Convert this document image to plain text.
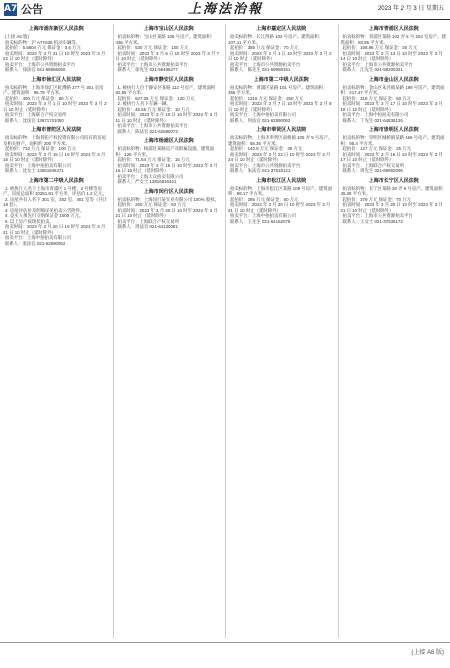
A7 公告	上海法治報	2023 年 2 月 3 日 星期五
上海市浦东新区人民法院

(上接 A6 版)

拍卖标的物：沪 A7Y626 机动车辆等。

起拍价：5.5804 万元 保证金：0.6 万元

拍卖时间：2023 年 3 月 21 日 10 时至 2023 年 3 月 22 日 10 时止（延时除外）

拍卖平台：上海市公共资源拍卖平台

联系人：徐法官 021-68866050

上海市徐汇区人民法院

拍卖标的物：上海市徐汇区虹漕路 277 号 301 室房产。建筑面积：95.78 平方米。

起拍价：400 万元 保证金：80 万元

拍卖时间：2023 年 3 月 1 日 10 时至 2023 年 3 月 2 日 10 时止（延时除外）

拍卖平台：上海联合产权交易所

联系人：沈法官 13671701050

上海市普陀区人民法院

拍卖标的物：上海普陀产权投资有限公司持有的房屋及相关财产，面积约 200 平方米。

起拍价：710 万元 保证金：100 万元

拍卖时间：2023 年 3 月 15 日 10 时至 2023 年 3 月 16 日 10 时止（延时除外）

拍卖平台：上海中拍拍卖有限公司

联系人：沈女士 13651946471

上海市第二中级人民法院

1. 被执行人名下上海市青浦区 1 号楼、2 号楼等房产。房屋总面积 10251.81 平方米，评估价 1.2 亿元。

2. 房屋共有人名下 301 室、302 室、401 室等（共计 18 套）。

3. 房屋评估价及明细详见拍卖公告附件。

4. 竞买人须先行交纳保证金 1000 万元。

5. 以上房产按现状拍卖。

拍卖时间：2023 年 3 月 20 日 10 时至 2023 年 3 月 21 日 10 时止（延时除外）

拍卖平台：上海中拍拍卖有限公司

联系人：张法官 021-62890052

上海市宝山区人民法院

拍卖标的物：宝山区某路 105 号房产。建筑面积：436 平方米。

起拍价：530 万元 保证金：100 万元

拍卖时间：2023 年 3 月 6 日 10 时至 2023 年 3 月 7 日 10 时止（延时除外）

拍卖平台：上海市公共资源拍卖平台

联系人：徐先生 021-56486277

上海市静安区人民法院

1. 被执行人位于静安区某路 112 号房产，建筑面积 82.55 平方米。

起拍价：627.29 万元 保证金：120 万元

2. 被执行人名下车辆一辆。

起拍价：46.55 万元 保证金：10 万元

拍卖时间：2023 年 3 月 10 日 10 时至 2023 年 3 月 11 日 10 时止（延时除外）

拍卖平台：上海市公共资源拍卖平台

联系人：陈法官 021-62580072

上海市杨浦区人民法院

拍卖标的物：杨浦区某路房产及附属设施。建筑面积：126 平方米。

起拍价：71.54 万元 保证金：15 万元

拍卖时间：2023 年 3 月 15 日 10 时至 2023 年 3 月 16 日 10 时止（延时除外）

拍卖平台：上海大众拍卖有限公司

联系人：严女士 13816816421

上海市闵行区人民法院

拍卖标的物：上海闵行某实业有限公司 100% 股权。

起拍价：250 万元 保证金：50 万元

拍卖时间：2023 年 3 月 20 日 10 时至 2023 年 3 月 21 日 10 时止（延时除外）

拍卖平台：上海联合产权交易所

联系人：周法官 021-64130081

上海市嘉定区人民法院

拍卖标的物：长江西路 102 号房产。建筑面积：107.41 平方米。

起拍价：355 万元 保证金：70 万元

拍卖时间：2023 年 3 月 1 日 10 时至 2023 年 3 月 2 日 10 时止（延时除外）

拍卖平台：上海市公共资源拍卖平台

联系人：陈先生 021-59958161

上海市第二中级人民法院

拍卖标的物：黄浦区某路 101 号房产。建筑面积：356 平方米。

起拍价：1310 万元 保证金：260 万元

拍卖时间：2023 年 3 月 7 日 10 时至 2023 年 3 月 8 日 10 时止（延时除外）

拍卖平台：上海中拍拍卖有限公司

联系人：何法官 021-62890052

上海市奉贤区人民法院

拍卖标的物：上海市奉贤区南桥镇 105 弄 5 号房产。建筑面积：58.36 平方米。

起拍价：140.9 万元 保证金：30 万元

拍卖时间：2023 年 3 月 23 日 10 时至 2023 年 3 月 24 日 10 时止（延时除外）

拍卖平台：上海市公共资源拍卖平台

联系人：朱法官 021-37518121

上海市松江区人民法院

拍卖标的物：上海市松江区某路 109 号房产。建筑面积：98.17 平方米。

起拍价：295 万元 保证金：60 万元

拍卖时间：2023 年 3 月 20 日 10 时至 2023 年 3 月 21 日 10 时止（延时除外）

拍卖平台：上海中拍拍卖有限公司

联系人：王先生 021-64162075

上海市青浦区人民法院

拍卖标的物：青浦区某路 102 弄 6 号 204 室房产。建筑面积：83.95 平方米。

起拍价：168.96 万元 保证金：30 万元

拍卖时间：2023 年 3 月 13 日 10 时至 2023 年 3 月 14 日 10 时止（延时除外）

拍卖平台：上海市公共资源拍卖平台

联系人：江先生 021-59200321

上海市金山区人民法院

拍卖标的物：金山区朱泾镇某路 199 号房产。建筑面积：217.47 平方米。

起拍价：318 万元 保证金：60 万元

拍卖时间：2023 年 3 月 17 日 10 时至 2023 年 3 月 18 日 10 时止（延时除外）

拍卖平台：上海中拍拍卖有限公司

联系人：丁先生 021-64836126

上海市崇明区人民法院

拍卖标的物：崇明区城桥镇某路 166 号房产。建筑面积：95.4 平方米。

起拍价：127 万元 保证金：25 万元

拍卖时间：2023 年 3 月 16 日 10 时至 2023 年 3 月 17 日 10 时止（延时除外）

拍卖平台：上海联合产权交易所

联系人：周先生 021-69692006

上海市长宁区人民法院

拍卖标的物：长宁区某路 30 弄 6 号房产。建筑面积：45.28 平方米。

起拍价：379 万元 保证金：70 万元

拍卖时间：2023 年 3 月 20 日 10 时至 2023 年 3 月 21 日 10 时止（延时除外）

拍卖平台：上海市公共资源拍卖平台

联系人：王女士 021-37536172

(上接 A6 版)
